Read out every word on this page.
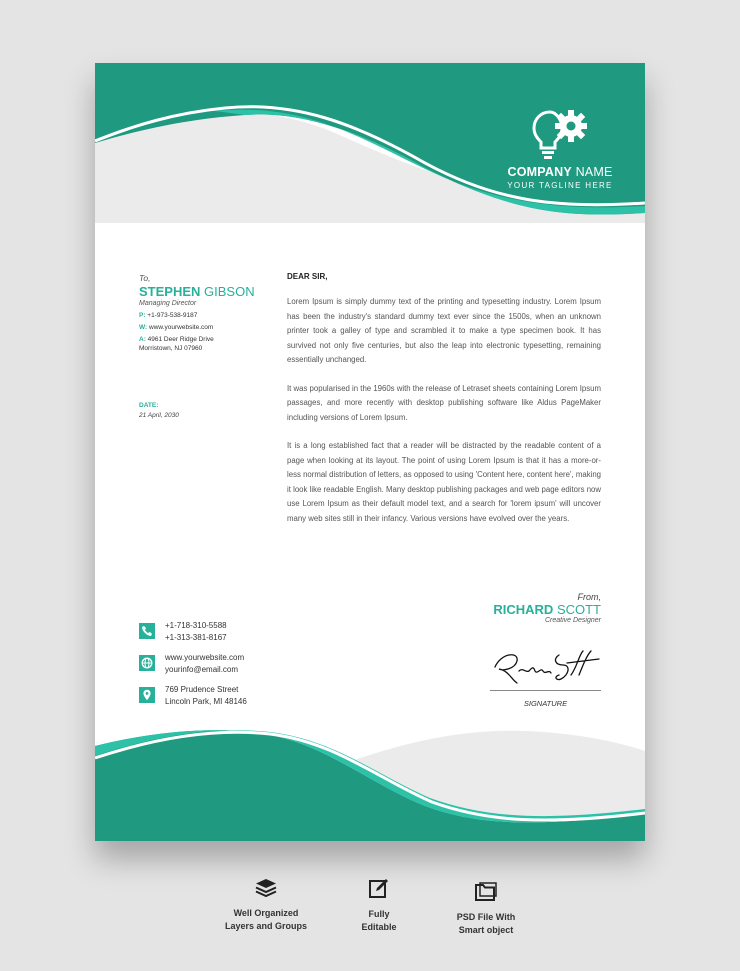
COMPANY NAME
YOUR TAGLINE HERE
To,
STEPHEN GIBSON
Managing Director
P: +1-973-538-9187
W: www.yourwebsite.com
A: 4961 Deer Ridge Drive
Morristown, NJ 07960
DATE:
21 April, 2030
DEAR SIR,

Lorem Ipsum is simply dummy text of the printing and typesetting industry. Lorem Ipsum has been the industry's standard dummy text ever since the 1500s, when an unknown printer took a galley of type and scrambled it to make a type specimen book. It has survived not only five centuries, but also the leap into electronic typesetting, remaining essentially unchanged.

It was popularised in the 1960s with the release of Letraset sheets containing Lorem Ipsum passages, and more recently with desktop publishing software like Aldus PageMaker including versions of Lorem Ipsum.

It is a long established fact that a reader will be distracted by the readable content of a page when looking at its layout. The point of using Lorem Ipsum is that it has a more-or-less normal distribution of letters, as opposed to using 'Content here, content here', making it look like readable English. Many desktop publishing packages and web page editors now use Lorem Ipsum as their default model text, and a search for 'lorem ipsum' will uncover many web sites still in their infancy. Various versions have evolved over the years.

From,
RICHARD SCOTT
Creative Designer
SIGNATURE
+1-718-310-5588
+1-313-381-8167
www.yourwebsite.com
yourinfo@email.com
769 Prudence Street
Lincoln Park, MI 48146
Well Organized
Layers and Groups
Fully
Editable
PSD File With
Smart object
